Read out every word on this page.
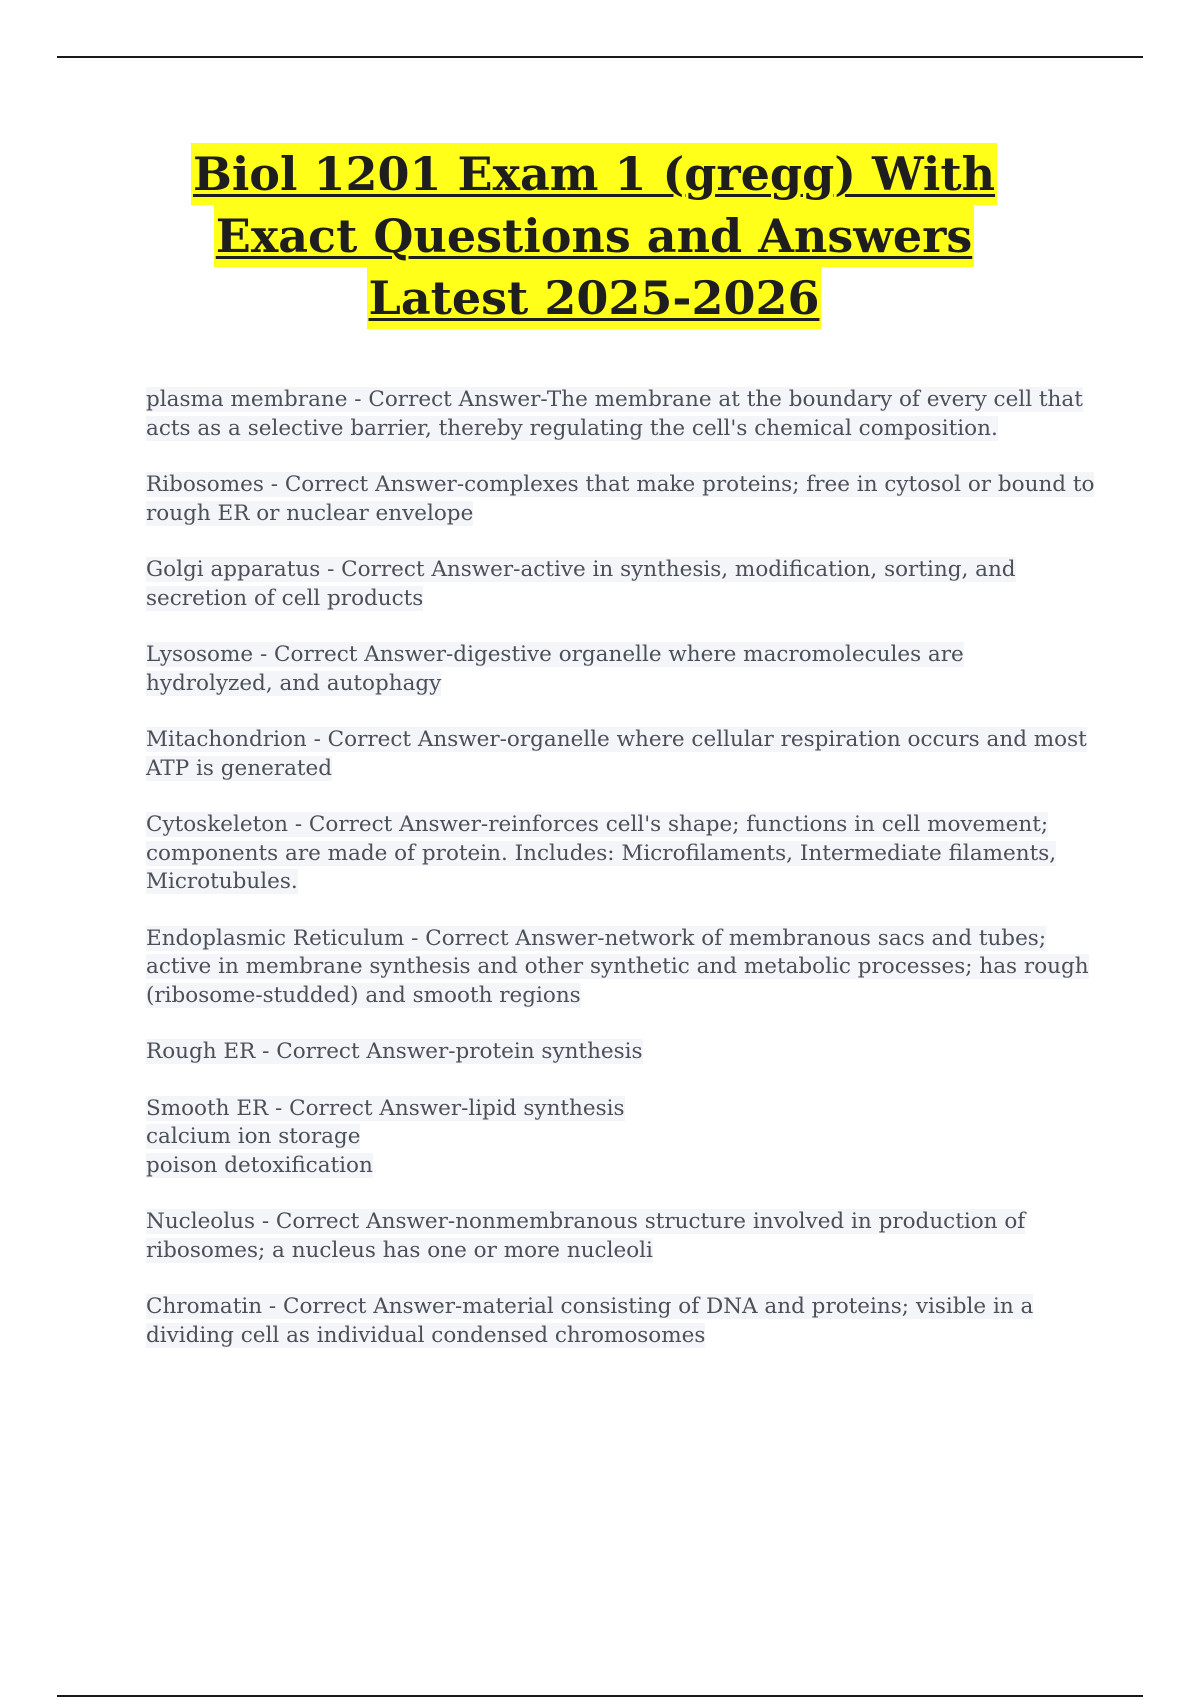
Biol 1201 Exam 1 (gregg) With
Exact Questions and Answers
Latest 2025-2026
plasma membrane - Correct Answer-The membrane at the boundary of every cell that acts as a selective barrier, thereby regulating the cell's chemical composition.
Ribosomes - Correct Answer-complexes that make proteins; free in cytosol or bound to rough ER or nuclear envelope
Golgi apparatus - Correct Answer-active in synthesis, modification, sorting, and secretion of cell products
Lysosome - Correct Answer-digestive organelle where macromolecules are hydrolyzed, and autophagy
Mitachondrion - Correct Answer-organelle where cellular respiration occurs and most ATP is generated
Cytoskeleton - Correct Answer-reinforces cell's shape; functions in cell movement; components are made of protein. Includes: Microfilaments, Intermediate filaments, Microtubules.
Endoplasmic Reticulum - Correct Answer-network of membranous sacs and tubes; active in membrane synthesis and other synthetic and metabolic processes; has rough (ribosome-studded) and smooth regions
Rough ER - Correct Answer-protein synthesis
Smooth ER - Correct Answer-lipid synthesis
calcium ion storage
poison detoxification
Nucleolus - Correct Answer-nonmembranous structure involved in production of ribosomes; a nucleus has one or more nucleoli
Chromatin - Correct Answer-material consisting of DNA and proteins; visible in a dividing cell as individual condensed chromosomes
